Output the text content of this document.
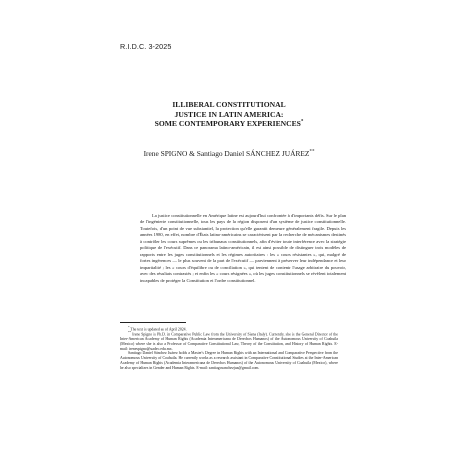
R.I.D.C. 3-2025
ILLIBERAL CONSTITUTIONAL
JUSTICE IN LATIN AMERICA:
SOME CONTEMPORARY EXPERIENCES*
Irene SPIGNO & Santiago Daniel SÁNCHEZ JUÁREZ**

La justice constitutionnelle en Amérique latine est aujourd'hui confrontée à d'importants défis. Sur le plan de l'ingénierie constitutionnelle, tous les pays de la région disposent d'un système de justice constitutionnelle. Toutefois, d'un point de vue substantiel, la protection qu'elle garantit demeure généralement fragile. Depuis les années 1980, en effet, nombre d'États latino-américains se caractérisent par la recherche de mécanismes destinés à contrôler les cours suprêmes ou les tribunaux constitutionnels, afin d'éviter toute interférence avec la stratégie politique de l'exécutif. Dans ce panorama latino-américain, il est ainsi possible de distinguer trois modèles de rapports entre les juges constitutionnels et les régimes autoritaires : les « cours résistantes », qui, malgré de fortes ingérences — le plus souvent de la part de l'exécutif — parviennent à préserver leur indépendance et leur impartialité ; les « cours d'équilibre ou de conciliation », qui tentent de contenir l'usage arbitraire du pouvoir, avec des résultats contrastés ; et enfin les « cours résignées », où les juges constitutionnels se révèlent totalement incapables de protéger la Constitution et l'ordre constitutionnel.

* The text is updated as of April 2024.

** Irene Spigno is Ph.D. in Comparative Public Law from the University of Siena (Italy). Currently, she is the General Director of the Inter-American Academy of Human Rights (Academia Interamericana de Derechos Humanos) of the Autonomous University of Coahuila (Mexico) where she is also a Professor of Comparative Constitutional Law, Theory of the Constitution, and History of Human Rights. E-mail: irenespigno@uadec.edu.mx.

Santiago Daniel Sánchez Juárez holds a Master's Degree in Human Rights with an International and Comparative Perspective from the Autonomous University of Coahuila. He currently works as a research assistant in Comparative Constitutional Studies at the Inter-American Academy of Human Rights (Academia Interamericana de Derechos Humanos) of the Autonomous University of Coahuila (Mexico), where he also specializes in Gender and Human Rights. E-mail: santiagosanchezjua@gmail.com.
